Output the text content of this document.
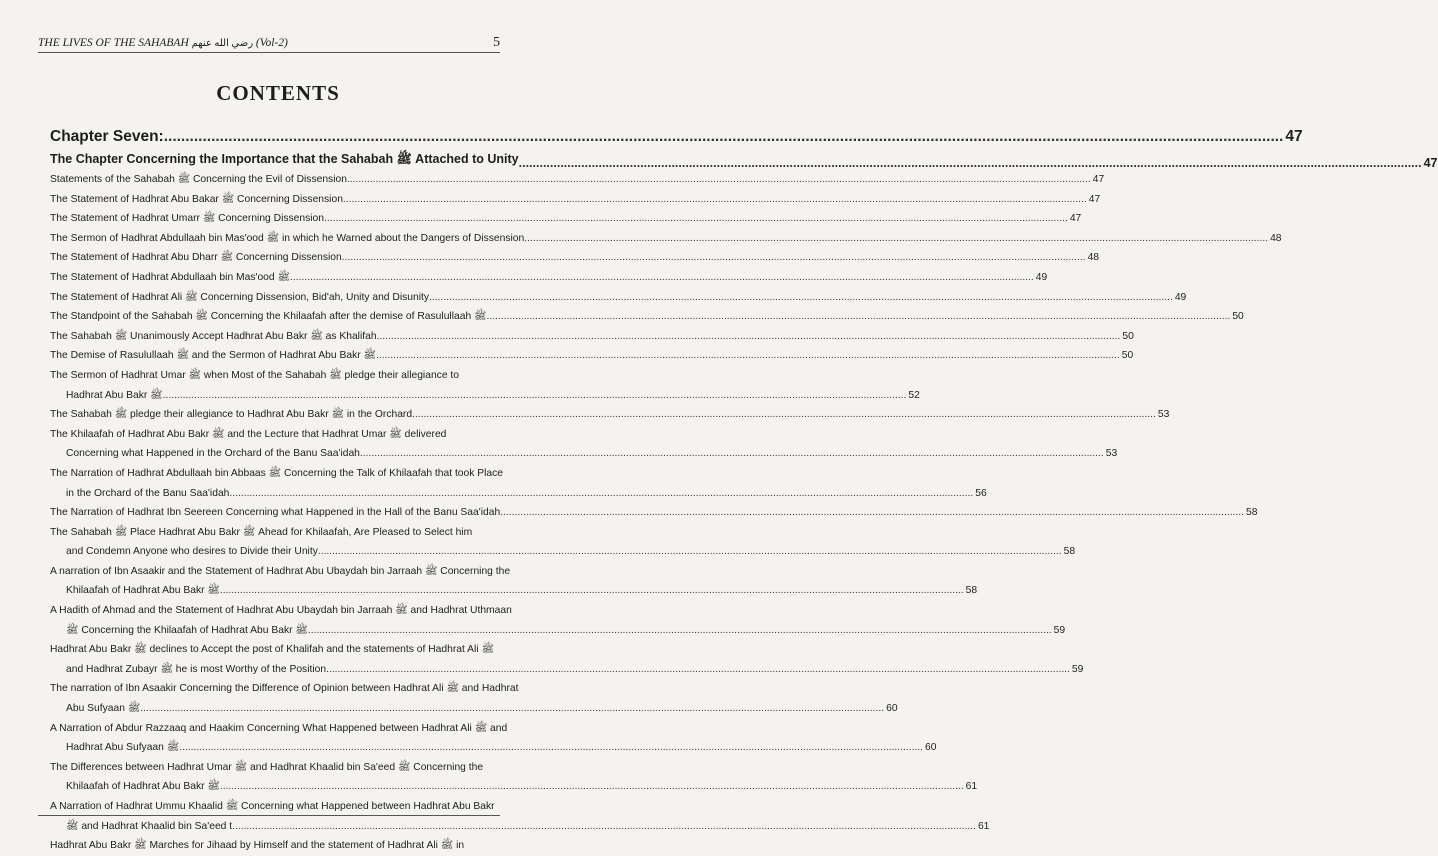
THE LIVES OF THE SAHABAH رضي الله عنهم (Vol-2)	5
CONTENTS
Chapter Seven: .....	47
The Chapter Concerning the Importance that the Sahabah ﷺ Attached to Unity .....	47
Statements of the Sahabah ﷺ Concerning the Evil of Dissension .....	47
The Statement of Hadhrat Abu Bakar ﷺ Concerning Dissension .....	47
The Statement of Hadhrat Umarr ﷺ Concerning Dissension .....	47
The Sermon of Hadhrat Abdullaah bin Mas'ood ﷺ in which he Warned about the Dangers of Dissension .....	48
The Statement of Hadhrat Abu Dharr ﷺ Concerning Dissension .....	48
The Statement of Hadhrat Abdullaah bin Mas'ood ﷺ .....	49
The Statement of Hadhrat Ali ﷺ Concerning Dissension, Bid'ah, Unity and Disunity .....	49
The Standpoint of the Sahabah ﷺ Concerning the Khilaafah after the demise of Rasulullaah ﷺ .....	50
The Sahabah ﷺ Unanimously Accept Hadhrat Abu Bakr ﷺ as Khalifah .....	50
The Demise of Rasulullaah ﷺ and the Sermon of Hadhrat Abu Bakr ﷺ .....	50
The Sermon of Hadhrat Umar ﷺ when Most of the Sahabah ﷺ pledge their allegiance to
Hadhrat Abu Bakr ﷺ .....	52
The Sahabah ﷺ pledge their allegiance to Hadhrat Abu Bakr ﷺ in the Orchard .....	53
The Khilaafah of Hadhrat Abu Bakr ﷺ and the Lecture that Hadhrat Umar ﷺ delivered
Concerning what Happened in the Orchard of the Banu Saa'idah .....	53
The Narration of Hadhrat Abdullaah bin Abbaas ﷺ Concerning the Talk of Khilaafah that took Place
in the Orchard of the Banu Saa'idah .....	56
The Narration of Hadhrat Ibn Seereen Concerning what Happened in the Hall of the Banu Saa'idah .....	58
The Sahabah ﷺ Place Hadhrat Abu Bakr ﷺ Ahead for Khilaafah, Are Pleased to Select him
and Condemn Anyone who desires to Divide their Unity .....	58
A narration of Ibn Asaakir and the Statement of Hadhrat Abu Ubaydah bin Jarraah ﷺ Concerning the
Khilaafah of Hadhrat Abu Bakr ﷺ .....	58
A Hadith of Ahmad and the Statement of Hadhrat Abu Ubaydah bin Jarraah ﷺ and Hadhrat Uthmaan
ﷺ Concerning the Khilaafah of Hadhrat Abu Bakr ﷺ .....	59
Hadhrat Abu Bakr ﷺ declines to Accept the post of Khalifah and the statements of Hadhrat Ali ﷺ
and Hadhrat Zubayr ﷺ he is most Worthy of the Position .....	59
The narration of Ibn Asaakir Concerning the Difference of Opinion between Hadhrat Ali ﷺ and Hadhrat
Abu Sufyaan ﷺ .....	60
A Narration of Abdur Razzaaq and Haakim Concerning What Happened between Hadhrat Ali ﷺ and
Hadhrat Abu Sufyaan ﷺ .....	60
The Differences between Hadhrat Umar ﷺ and Hadhrat Khaalid bin Sa'eed ﷺ Concerning the
Khilaafah of Hadhrat Abu Bakr ﷺ .....	61
A Narration of Hadhrat Ummu Khaalid ﷺ Concerning what Happened between Hadhrat Abu Bakr
ﷺ and Hadhrat Khaalid bin Sa'eed t .....	61
Hadhrat Abu Bakr ﷺ Marches for Jihaad by Himself and the statement of Hadhrat Ali ﷺ in
